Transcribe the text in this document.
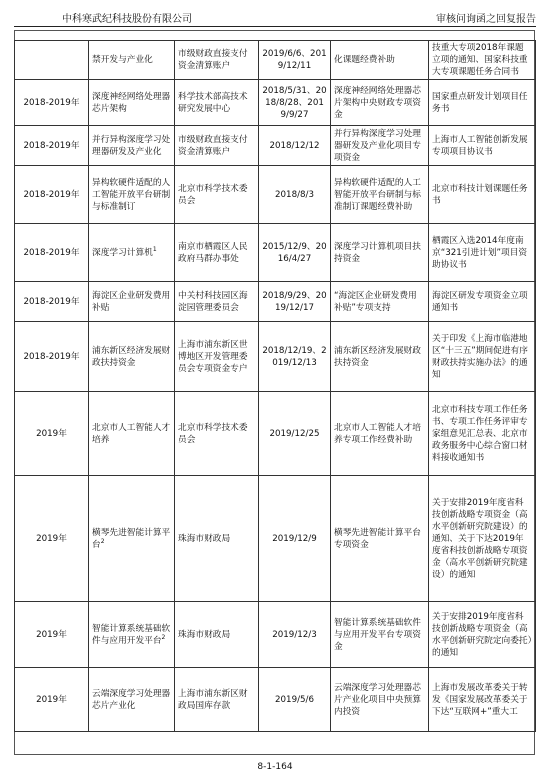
中科寒武纪科技股份有限公司	审核问询函之回复报告
	禁开发与产业化	市级财政直接支付资金清算账户	2019/6/6、2019/12/11	化课题经费补助	技重大专项2018年课题立项的通知、国家科技重大专项课题任务合同书
2018-2019年	深度神经网络处理器芯片架构	科学技术部高技术研究发展中心	2018/5/31、2018/8/28、2019/9/27	深度神经网络处理器芯片架构中央财政专项资金	国家重点研发计划项目任务书
2018-2019年	并行异构深度学习处理器研发及产业化	市级财政直接支付资金清算账户	2018/12/12	并行异构深度学习处理器研发及产业化项目专项资金	上海市人工智能创新发展专项项目协议书
2018-2019年	异构软硬件适配的人工智能开放平台研制与标准制订	北京市科学技术委员会	2018/8/3	异构软硬件适配的人工智能开放平台研制与标准制订课题经费补助	北京市科技计划课题任务书
2018-2019年	深度学习计算机$^1$	南京市栖霞区人民政府马群办事处	2015/12/9、2016/4/27	深度学习计算机项目扶持资金	栖霞区入选2014年度南京“321引进计划”项目资助协议书
2018-2019年	海淀区企业研发费用补贴	中关村科技园区海淀园管理委员会	2018/9/29、2019/12/17	“海淀区企业研发费用补贴”专项支持	海淀区研发专项资金立项通知书
2018-2019年	浦东新区经济发展财政扶持资金	上海市浦东新区世博地区开发管理委员会专项资金专户	2018/12/19、2019/12/13	浦东新区经济发展财政扶持资金	关于印发《上海市临港地区“十三五”期间促进有序财政扶持实施办法》的通知
2019年	北京市人工智能人才培养	北京市科学技术委员会	2019/12/25	北京市人工智能人才培养专项工作经费补助	北京市科技专项工作任务书、专项工作任务评审专家组意见汇总表、北京市政务服务中心综合窗口材料接收通知书
2019年	横琴先进智能计算平台$^2$	珠海市财政局	2019/12/9	横琴先进智能计算平台专项资金	关于安排2019年度省科技创新战略专项资金（高水平创新研究院建设）的通知、关于下达2019年度省科技创新战略专项资金（高水平创新研究院建设）的通知
2019年	智能计算系统基础软件与应用开发平台$^2$	珠海市财政局	2019/12/3	智能计算系统基础软件与应用开发平台专项资金	关于安排2019年度省科技创新战略专项资金（高水平创新研究院定向委托）的通知
2019年	云端深度学习处理器芯片产业化	上海市浦东新区财政局国库存款	2019/5/6	云端深度学习处理器芯片产业化项目中央预算内投资	上海市发展改革委关于转发《国家发展改革委关于下达“互联网+”重大工
8-1-164
